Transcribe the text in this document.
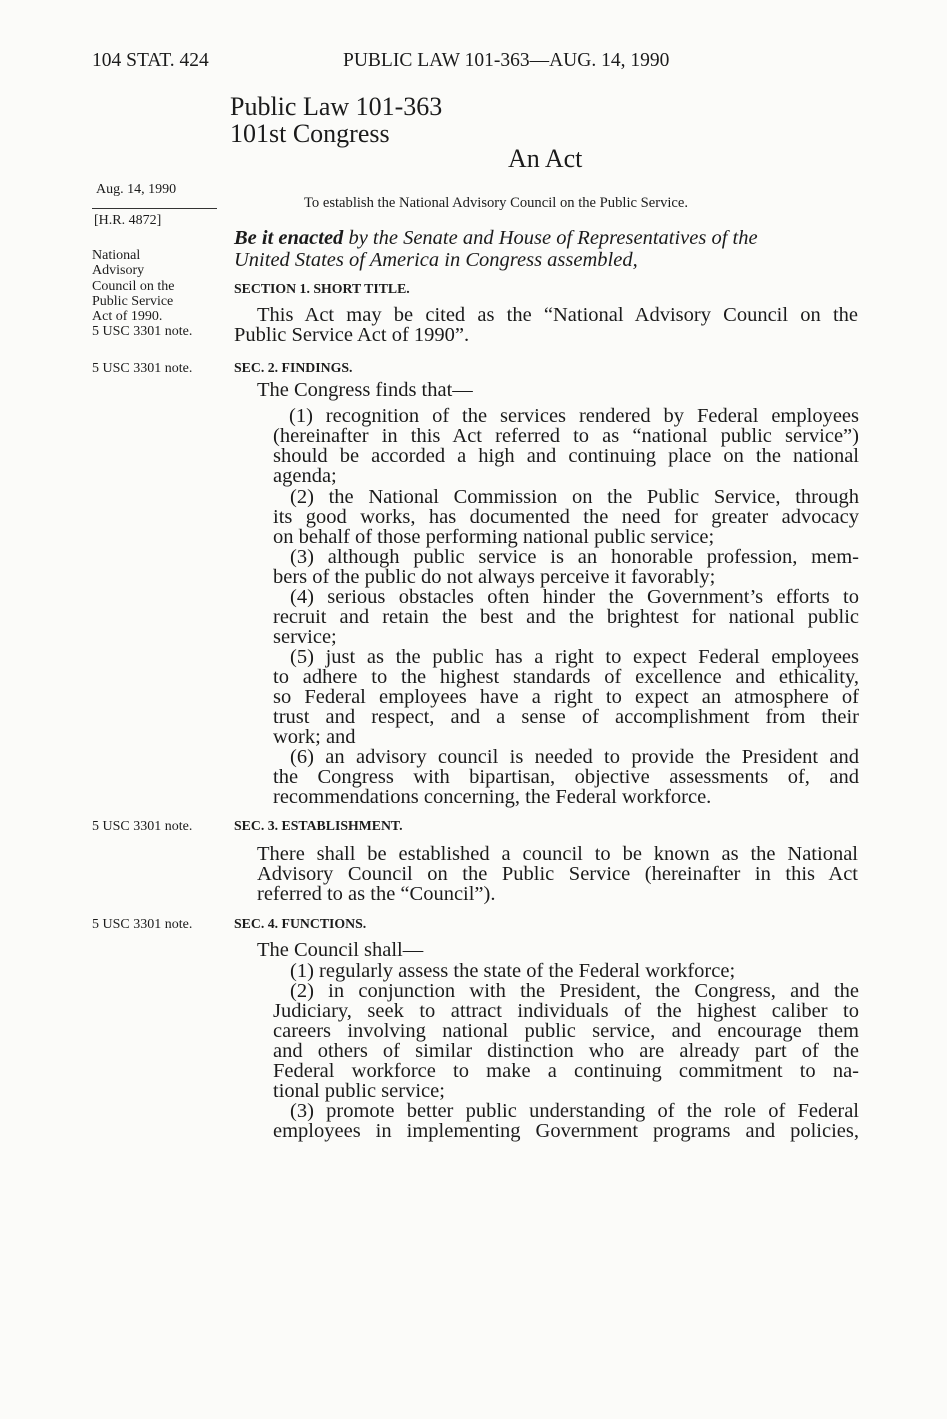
104 STAT. 424	PUBLIC LAW 101-363—AUG. 14, 1990
Public Law 101-363
101st Congress
An Act
Aug. 14, 1990
[H.R. 4872]
National
Advisory
Council on the
Public Service
Act of 1990.
5 USC 3301 note.
5 USC 3301 note.
5 USC 3301 note.
5 USC 3301 note.
To establish the National Advisory Council on the Public Service.
Be it enacted by the Senate and House of Representatives of the
United States of America in Congress assembled,
SECTION 1. SHORT TITLE.
This Act may be cited as the “National Advisory Council on the
Public Service Act of 1990”.
SEC. 2. FINDINGS.
The Congress finds that—
(1) recognition of the services rendered by Federal employees
(hereinafter in this Act referred to as “national public service”)
should be accorded a high and continuing place on the national
agenda;
(2) the National Commission on the Public Service, through
its good works, has documented the need for greater advocacy
on behalf of those performing national public service;
(3) although public service is an honorable profession, mem-
bers of the public do not always perceive it favorably;
(4) serious obstacles often hinder the Government’s efforts to
recruit and retain the best and the brightest for national public
service;
(5) just as the public has a right to expect Federal employees
to adhere to the highest standards of excellence and ethicality,
so Federal employees have a right to expect an atmosphere of
trust and respect, and a sense of accomplishment from their
work; and
(6) an advisory council is needed to provide the President and
the Congress with bipartisan, objective assessments of, and
recommendations concerning, the Federal workforce.
SEC. 3. ESTABLISHMENT.
There shall be established a council to be known as the National
Advisory Council on the Public Service (hereinafter in this Act
referred to as the “Council”).
SEC. 4. FUNCTIONS.
The Council shall—
(1) regularly assess the state of the Federal workforce;
(2) in conjunction with the President, the Congress, and the
Judiciary, seek to attract individuals of the highest caliber to
careers involving national public service, and encourage them
and others of similar distinction who are already part of the
Federal workforce to make a continuing commitment to na-
tional public service;
(3) promote better public understanding of the role of Federal
employees in implementing Government programs and policies,
